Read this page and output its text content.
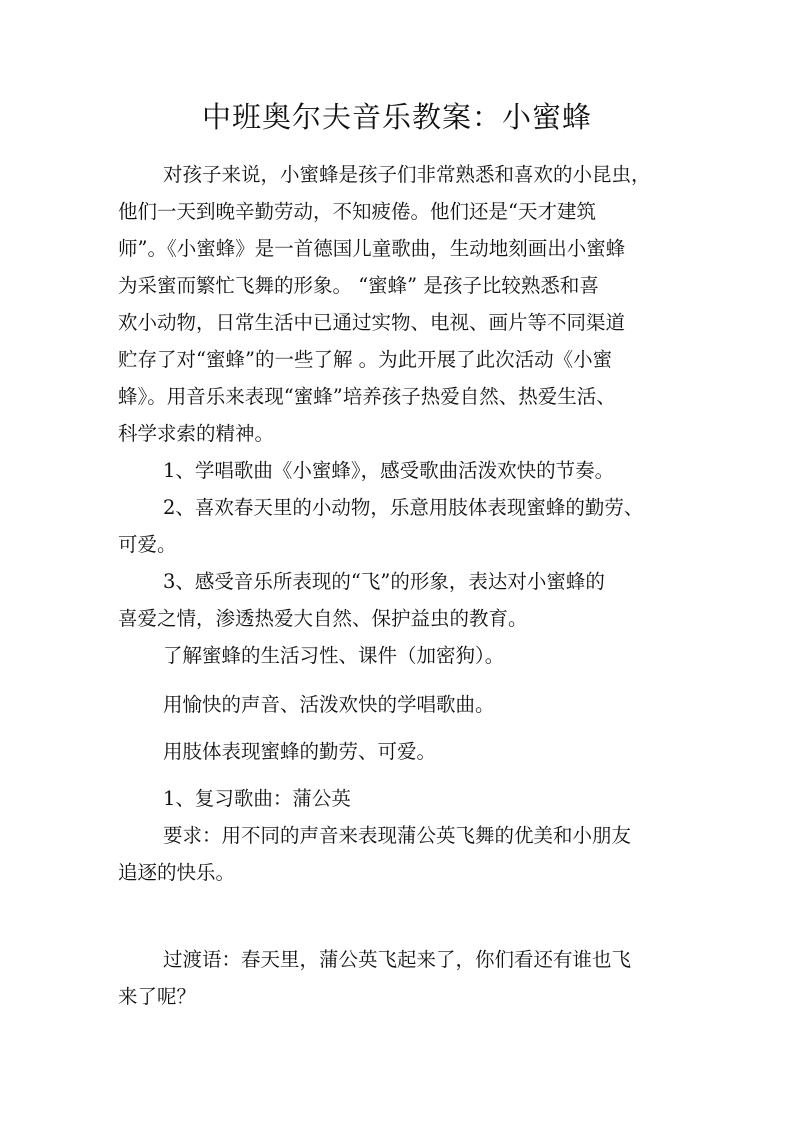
中班奥尔夫音乐教案：小蜜蜂

对孩子来说，小蜜蜂是孩子们非常熟悉和喜欢的小昆虫，

他们一天到晚辛勤劳动，不知疲倦。他们还是“天才建筑

师”。《小蜜蜂》是一首德国儿童歌曲，生动地刻画出小蜜蜂

为采蜜而繁忙飞舞的形象。 “蜜蜂” 是孩子比较熟悉和喜

欢小动物，日常生活中已通过实物、电视、画片等不同渠道

贮存了对“蜜蜂”的一些了解 。为此开展了此次活动《小蜜

蜂》。用音乐来表现“蜜蜂”培养孩子热爱自然、热爱生活、

科学求索的精神。

1、学唱歌曲《小蜜蜂》，感受歌曲活泼欢快的节奏。

2、喜欢春天里的小动物，乐意用肢体表现蜜蜂的勤劳、

可爱。

3、感受音乐所表现的“飞”的形象，表达对小蜜蜂的

喜爱之情，渗透热爱大自然、保护益虫的教育。

了解蜜蜂的生活习性、课件（加密狗）。

用愉快的声音、活泼欢快的学唱歌曲。

用肢体表现蜜蜂的勤劳、可爱。

1、复习歌曲：蒲公英

要求：用不同的声音来表现蒲公英飞舞的优美和小朋友

追逐的快乐。

过渡语：春天里，蒲公英飞起来了，你们看还有谁也飞

来了呢？
